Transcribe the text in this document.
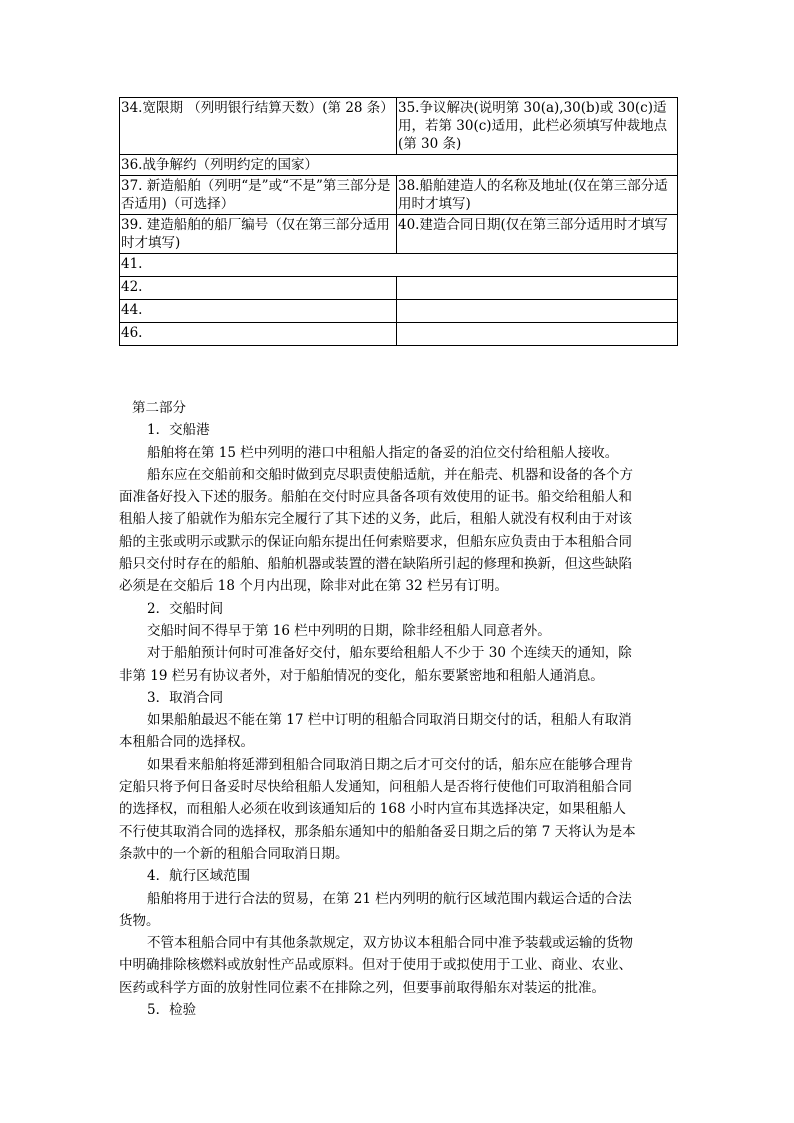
34.宽限期 （列明银行结算天数）(第 28 条）	35.争议解决(说明第 30(a),30(b)或 30(c)适用，若第 30(c)适用，此栏必须填写仲裁地点(第 30 条)
36.战争解约（列明约定的国家）	
37. 新造船舶（列明“是”或“不是”第三部分是否适用)（可选择）	38.船舶建造人的名称及地址(仅在第三部分适用时才填写)
39. 建造船舶的船厂编号（仅在第三部分适用时才填写)	40.建造合同日期(仅在第三部分适用时才填写
41.	
42.	
44.	
46.	

第二部分

1．交船港

船舶将在第 15 栏中列明的港口中租船人指定的备妥的泊位交付给租船人接收。

船东应在交船前和交船时做到克尽职责使船适航，并在船壳、机器和设备的各个方面准备好投入下述的服务。船舶在交付时应具备各项有效使用的证书。船交给租船人和租船人接了船就作为船东完全履行了其下述的义务，此后，租船人就没有权利由于对该船的主张或明示或默示的保证向船东提出任何索赔要求，但船东应负责由于本租船合同船只交付时存在的船舶、船舶机器或装置的潜在缺陷所引起的修理和换新，但这些缺陷必须是在交船后 18 个月内出现，除非对此在第 32 栏另有订明。

2．交船时间

交船时间不得早于第 16 栏中列明的日期，除非经租船人同意者外。

对于船舶预计何时可准备好交付，船东要给租船人不少于 30 个连续天的通知，除非第 19 栏另有协议者外，对于船舶情况的变化，船东要紧密地和租船人通消息。

3．取消合同

如果船舶最迟不能在第 17 栏中订明的租船合同取消日期交付的话，租船人有取消本租船合同的选择权。

如果看来船舶将延滞到租船合同取消日期之后才可交付的话，船东应在能够合理肯定船只将予何日备妥时尽快给租船人发通知，问租船人是否将行使他们可取消租船合同的选择权，而租船人必须在收到该通知后的 168 小时内宣布其选择决定，如果租船人不行使其取消合同的选择权，那条船东通知中的船舶备妥日期之后的第 7 天将认为是本条款中的一个新的租船合同取消日期。

4．航行区域范围

船舶将用于进行合法的贸易，在第 21 栏内列明的航行区域范围内载运合适的合法货物。

不管本租船合同中有其他条款规定，双方协议本租船合同中准予装载或运输的货物中明确排除核燃料或放射性产品或原料。但对于使用于或拟使用于工业、商业、农业、医药或科学方面的放射性同位素不在排除之列，但要事前取得船东对装运的批准。

5．检验
